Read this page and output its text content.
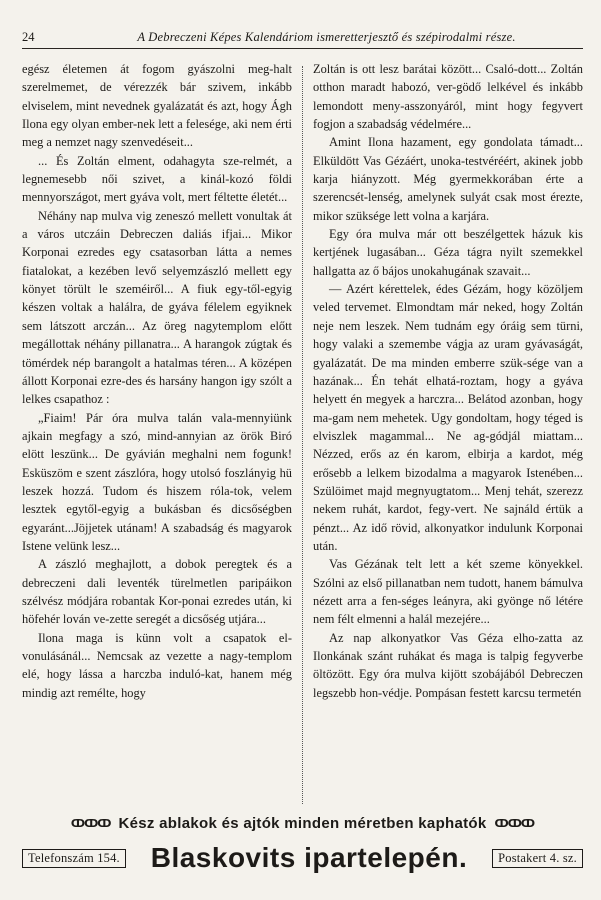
24	A Debreczeni Képes Kalendáriom ismeretterjesztő és szépirodalmi része.

egész életemen át fogom gyászolni meg-halt szerelmemet, de vérezzék bár szivem, inkább elviselem, mint nevednek gyalázatát és azt, hogy Ágh Ilona egy olyan ember-nek lett a felesége, aki nem érti meg a nemzet nagy szenvedéseit...

... És Zoltán elment, odahagyta sze-relmét, a legnemesebb női szivet, a kinál-kozó földi mennyországot, mert gyáva volt, mert féltette életét...

Néhány nap mulva vig zeneszó mellett vonultak át a város utczáin Debreczen daliás ifjai... Mikor Korponai ezredes egy csatasorban látta a nemes fiatalokat, a kezében levő selyemzászló mellett egy könyet törült le szeméiről... A fiuk egy-től-egyig készen voltak a halálra, de gyáva félelem egyiknek sem látszott arczán... Az öreg nagytemplom előtt megállottak néhány pillanatra... A harangok zúgtak és tömérdek nép barangolt a hatalmas téren... A középen állott Korponai ezre-des és harsány hangon igy szólt a lelkes csapathoz :

„Fiaim! Pár óra mulva talán vala-mennyiünk ajkain megfagy a szó, mind-annyian az örök Biró elött leszünk... De gyávián meghalni nem fogunk! Esküszöm e szent zászlóra, hogy utolsó foszlányig hü leszek hozzá. Tudom és hiszem róla-tok, velem lesztek egytől-egyig a bukásban és dicsőségben egyaránt...Jöjjetek utánam! A szabadság és magyarok Istene velünk lesz...

A zászló meghajlott, a dobok peregtek és a debreczeni dali leventék türelmetlen paripáikon szélvész módjára robantak Kor-ponai ezredes után, ki höfehér lován ve-zette seregét a dicsőség utjára...

Ilona maga is künn volt a csapatok el-vonulásánál... Nemcsak az vezette a nagy-templom elé, hogy lássa a harczba induló-kat, hanem még mindig azt remélte, hogy

Zoltán is ott lesz barátai között... Csaló-dott... Zoltán otthon maradt habozó, ver-gödő lelkével és inkább lemondott meny-asszonyáról, mint hogy fegyvert fogjon a szabadság védelmére...

Amint Ilona hazament, egy gondolata támadt... Elküldött Vas Gézáért, unoka-testvéréért, akinek jobb karja hiányzott. Még gyermekkorában érte a szerencsét-lenség, amelynek sulyát csak most érezte, mikor szüksége lett volna a karjára.

Egy óra mulva már ott beszélgettek házuk kis kertjének lugasában... Géza tágra nyilt szemekkel hallgatta az ő bájos unokahugának szavait...

— Azért kérettelek, édes Gézám, hogy közöljem veled tervemet. Elmondtam már neked, hogy Zoltán neje nem leszek. Nem tudnám egy óráig sem türni, hogy valaki a szemembe vágja az uram gyávaságát, gyalázatát. De ma minden emberre szük-sége van a hazának... Én tehát elhatá-roztam, hogy a gyáva helyett én megyek a harczra... Belátod azonban, hogy ma-gam nem mehetek. Ugy gondoltam, hogy téged is elviszlek magammal... Ne ag-gódjál miattam... Nézzed, erős az én karom, elbirja a kardot, még erősebb a lelkem bizodalma a magyarok Istenében... Szülöimet majd megnyugtatom... Menj tehát, szerezz nekem ruhát, kardot, fegy-vert. Ne sajnáld értük a pénzt... Az idő rövid, alkonyatkor indulunk Korponai után.

Vas Gézának telt lett a két szeme könyekkel. Szólni az első pillanatban nem tudott, hanem bámulva nézett arra a fen-séges leányra, aki gyönge nő létére nem félt elmenni a halál mezejére...

Az nap alkonyatkor Vas Géza elho-zatta az Ilonkának szánt ruhákat és maga is talpig fegyverbe öltözött. Egy óra mulva kijött szobájából Debreczen legszebb hon-védje. Pompásan festett karcsu termetén

ↀↀↀ Kész ablakok és ajtók minden méretben kaphatók ↀↀↀ
Telefonszám 154. Blaskovits ipartelepén.	Postakert 4. sz.
